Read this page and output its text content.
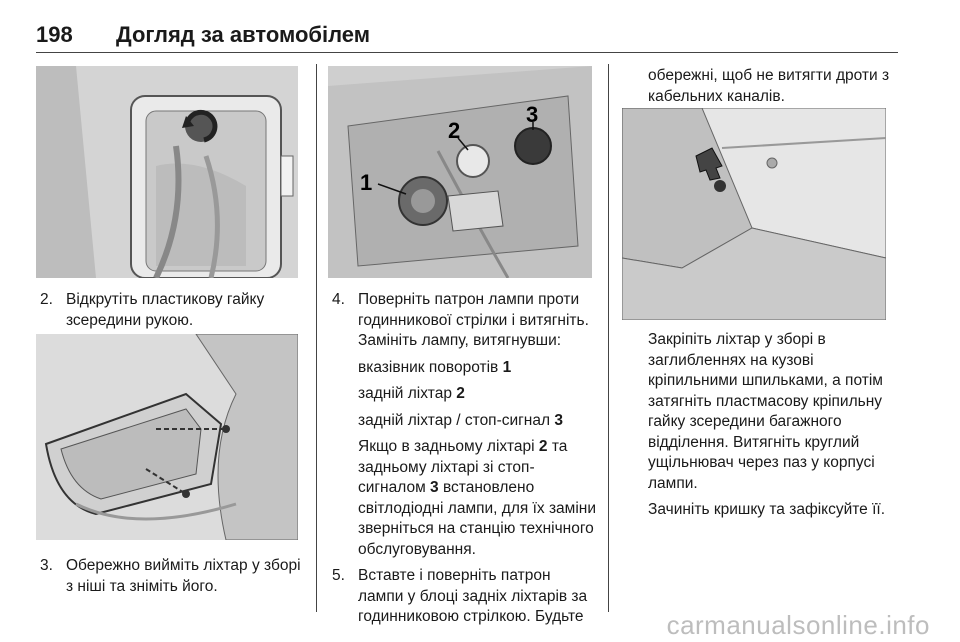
198 Догляд за автомобілем
2. Відкрутіть пластикову гайку зсередини рукою.
3. Обережно вийміть ліхтар у зборі з ніші та зніміть його.
1
2
3
4. Поверніть патрон лампи проти годинникової стрілки і витягніть. Замініть лампу, витягнувши:

вказівник поворотів 1

задній ліхтар 2

задній ліхтар / стоп-сигнал 3

Якщо в задньому ліхтарі 2 та задньому ліхтарі зі стоп-сигналом 3 встановлено світлодіодні лампи, для їх заміни зверніться на станцію технічного обслуговування.

5. Вставте і поверніть патрон лампи у блоці задніх ліхтарів за годинниковою стрілкою. Будьте

обережні, щоб не витягти дроти з кабельних каналів.

Закріпіть ліхтар у зборі в заглибленнях на кузові кріпильними шпильками, а потім затягніть пластмасову кріпильну гайку зсередини багажного відділення. Витягніть круглий ущільнювач через паз у корпусі лампи.

Зачиніть кришку та зафіксуйте її.

carmanualsonline.info
